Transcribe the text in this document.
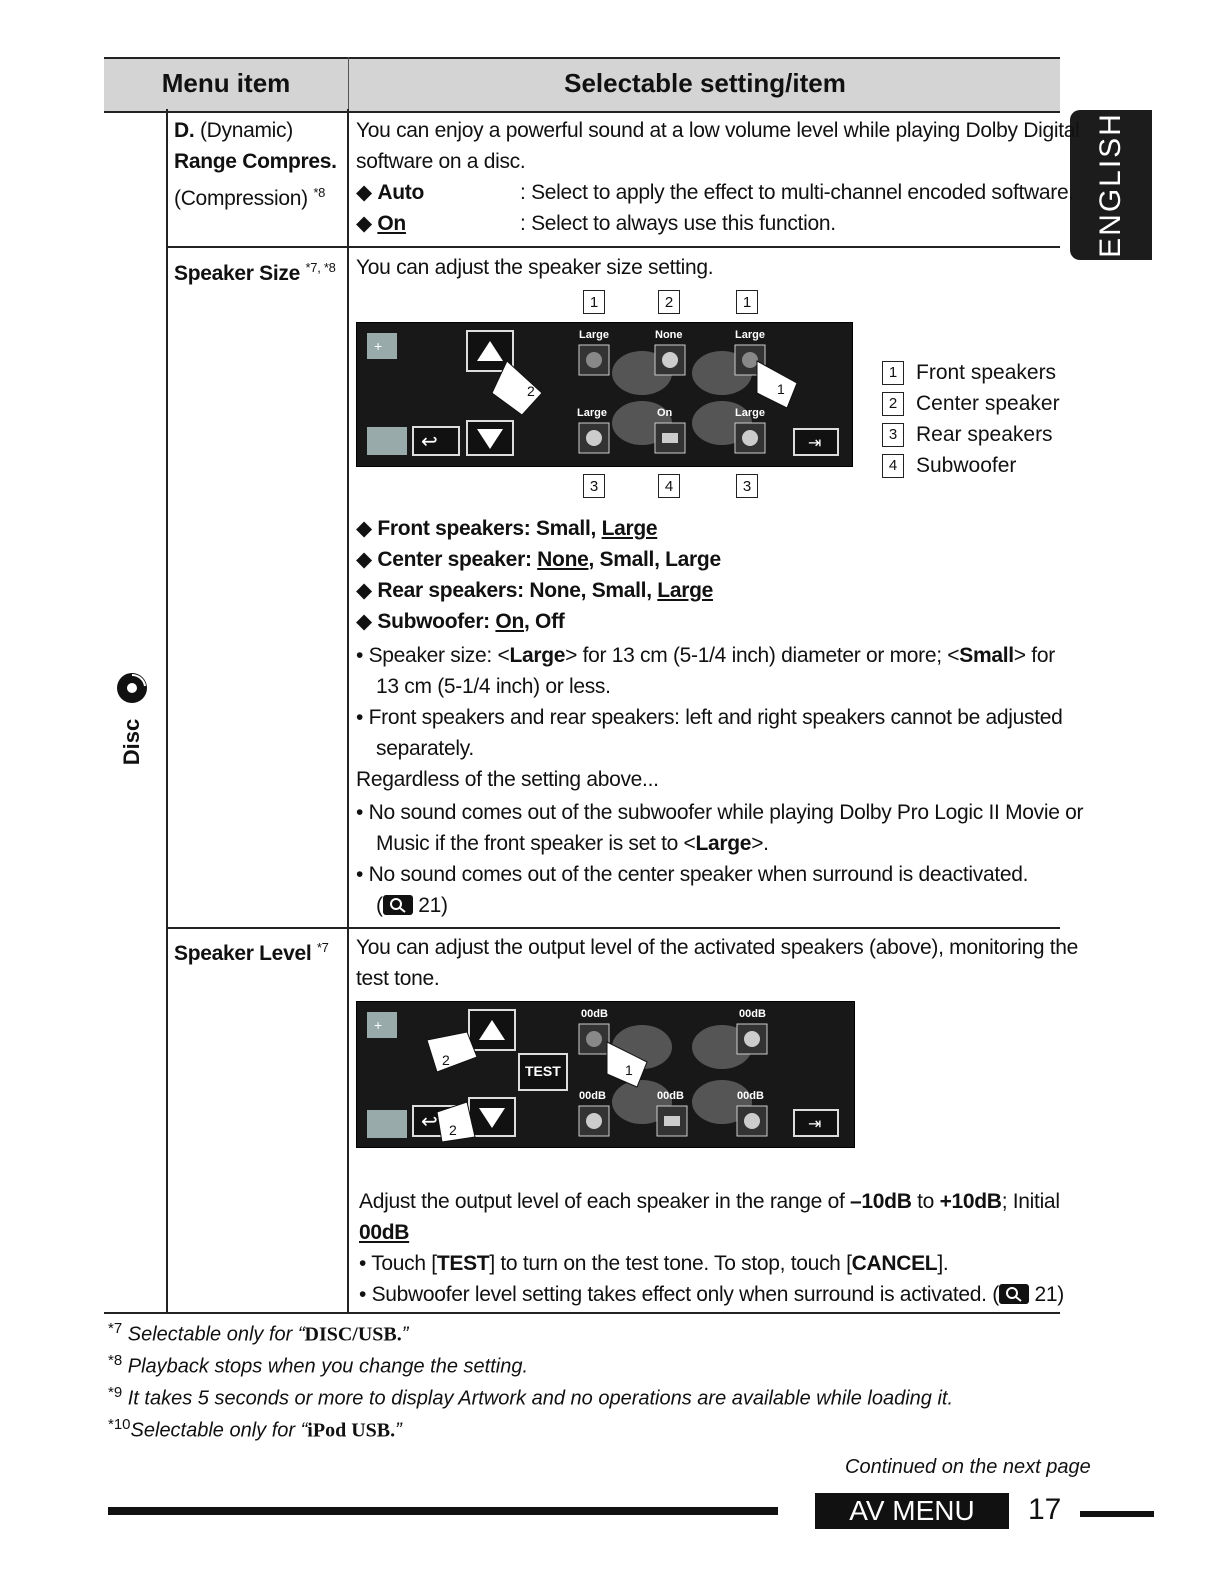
Menu item	Selectable setting/item
ENGLISH
Disc
D. (Dynamic)
Range Compres.
(Compression) $^{*8}$
You can enjoy a powerful sound at a low volume level while playing Dolby Digital
software on a disc.
◆ Auto	: Select to apply the effect to multi-channel encoded software.
◆ On	: Select to always use this function.
Speaker Size $^{*7, *8}$ You can adjust the speaker size setting.
1	2	1
+
↩	⇥
Large	None	Large
Large	On	Large
2	1
3	4	3
1 Front speakers
2 Center speaker
3 Rear speakers
4 Subwoofer
◆ Front speakers: Small, Large
◆ Center speaker: None, Small, Large
◆ Rear speakers: None, Small, Large
◆ Subwoofer: On, Off
• Speaker size: <Large> for 13 cm (5-1/4 inch) diameter or more; <Small> for
13 cm (5-1/4 inch) or less.
• Front speakers and rear speakers: left and right speakers cannot be adjusted
separately.
Regardless of the setting above...
• No sound comes out of the subwoofer while playing Dolby Pro Logic II Movie or
Music if the front speaker is set to <Large>.
• No sound comes out of the center speaker when surround is deactivated.
( 21)
Speaker Level $^{*7}$ You can adjust the output level of the activated speakers (above), monitoring the
test tone.
+
↩	⇥
TEST
00dB	00dB
00dB	00dB	00dB
2
1
2
Adjust the output level of each speaker in the range of –10dB to +10dB; Initial
00dB
• Touch [TEST] to turn on the test tone. To stop, touch [CANCEL].
• Subwoofer level setting takes effect only when surround is activated. ( 21)
$^{*7}$ Selectable only for “DISC/USB.”
$^{*8}$ Playback stops when you change the setting.
$^{*9}$ It takes 5 seconds or more to display Artwork and no operations are available while loading it.
$^{*10}$Selectable only for “iPod USB.”
Continued on the next page
AV MENU	17
